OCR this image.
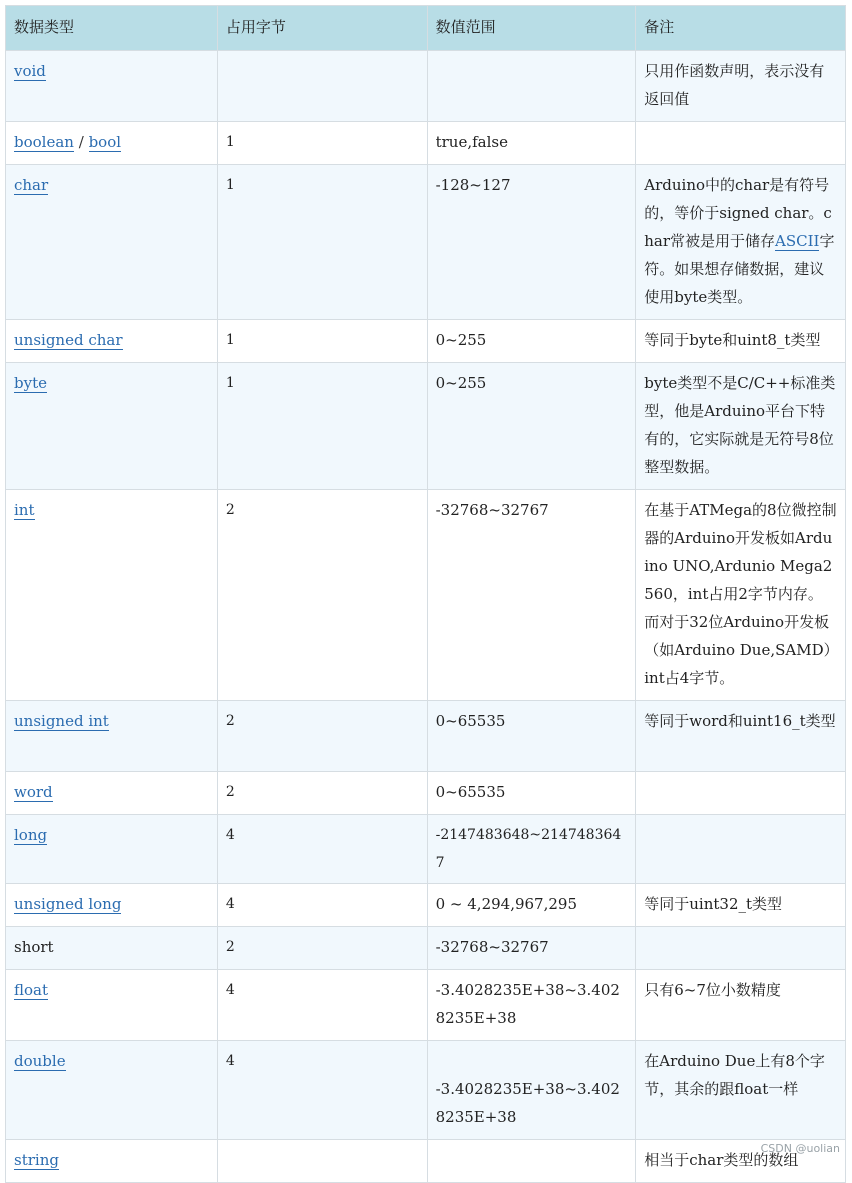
数据类型	占用字节	数值范围	备注
void			只用作函数声明，表示没有返回值
boolean / bool	1	true,false	
char	1	-128~127	Arduino中的char是有符号的，等价于signed char。char常被是用于储存ASCII字符。如果想存储数据，建议使用byte类型。
unsigned char	1	0~255	等同于byte和uint8_t类型
byte	1	0~255	byte类型不是C/C++标准类型，他是Arduino平台下特有的，它实际就是无符号8位整型数据。
int	2	-32768~32767	在基于ATMega的8位微控制器的Arduino开发板如Arduino UNO,Ardunio Mega2560，int占用2字节内存。而对于32位Arduino开发板（如Arduino Due,SAMD）int占4字节。
unsigned int	2	0~65535	等同于word和uint16_t类型
word	2	0~65535	
long	4	-2147483648~2147483647	
unsigned long	4	0 ~ 4,294,967,295	等同于uint32_t类型
short	2	-32768~32767	
float	4	-3.4028235E+38~3.4028235E+38	只有6~7位小数精度
double	4	-3.4028235E+38~3.4028235E+38	在Arduino Due上有8个字节，其余的跟float一样
string			相当于char类型的数组
CSDN @uolian
